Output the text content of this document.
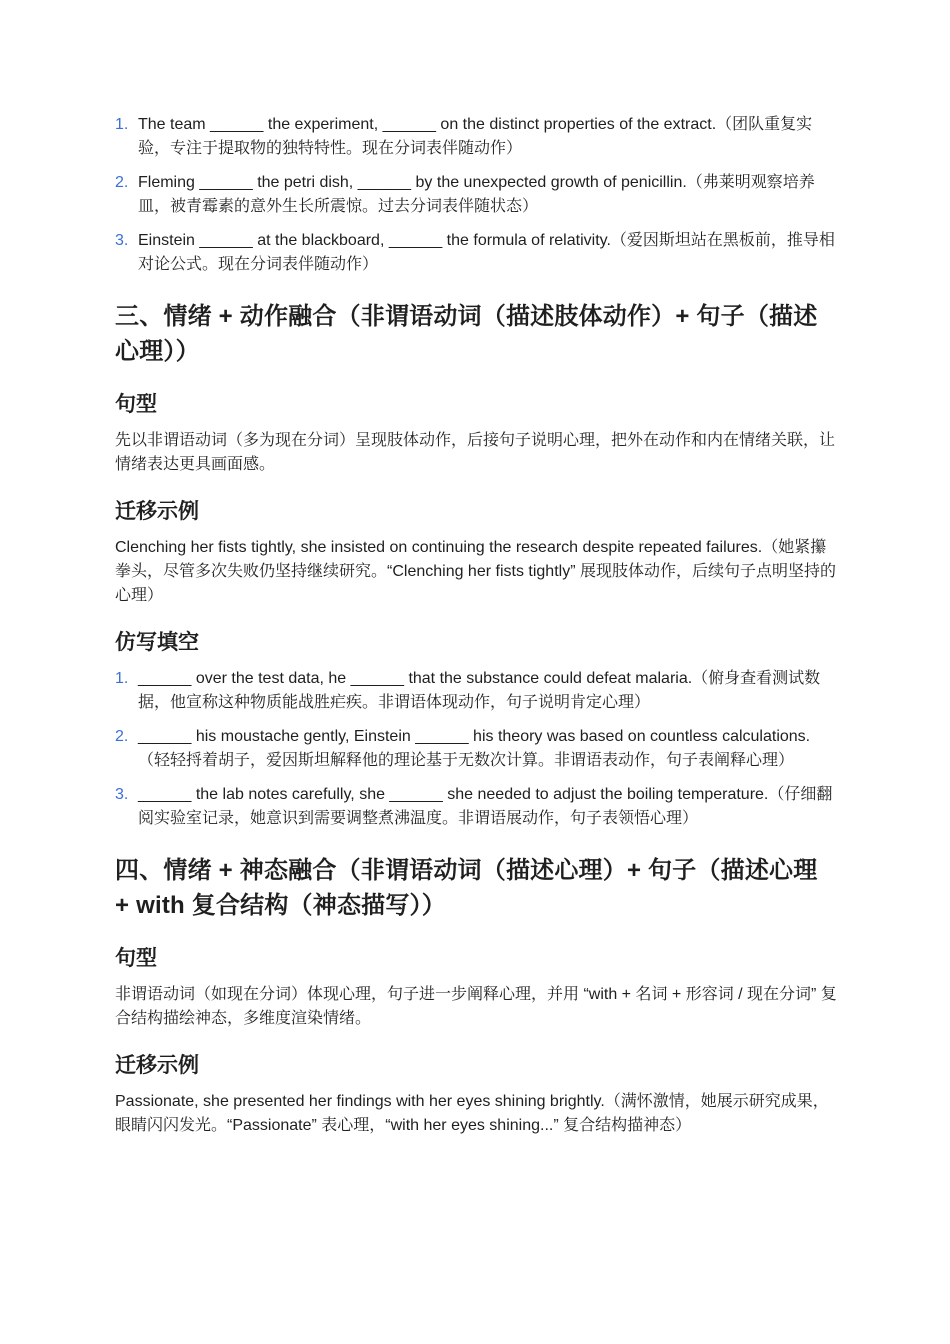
1. The team ______ the experiment, ______ on the distinct properties of the extract.（团队重复实验，专注于提取物的独特特性。现在分词表伴随动作）
2. Fleming ______ the petri dish, ______ by the unexpected growth of penicillin.（弗莱明观察培养皿，被青霉素的意外生长所震惊。过去分词表伴随状态）
3. Einstein ______ at the blackboard, ______ the formula of relativity.（爱因斯坦站在黑板前，推导相对论公式。现在分词表伴随动作）
三、情绪 + 动作融合（非谓语动词（描述肢体动作）+ 句子（描述心理））
句型

先以非谓语动词（多为现在分词）呈现肢体动作，后接句子说明心理，把外在动作和内在情绪关联，让情绪表达更具画面感。

迁移示例

Clenching her fists tightly, she insisted on continuing the research despite repeated failures.（她紧攥拳头，尽管多次失败仍坚持继续研究。“Clenching her fists tightly” 展现肢体动作，后续句子点明坚持的心理）

仿写填空
1. ______ over the test data, he ______ that the substance could defeat malaria.（俯身查看测试数据，他宣称这种物质能战胜疟疾。非谓语体现动作，句子说明肯定心理）
2. ______ his moustache gently, Einstein ______ his theory was based on countless calculations.（轻轻捋着胡子，爱因斯坦解释他的理论基于无数次计算。非谓语表动作，句子表阐释心理）
3. ______ the lab notes carefully, she ______ she needed to adjust the boiling temperature.（仔细翻阅实验室记录，她意识到需要调整煮沸温度。非谓语展动作，句子表领悟心理）
四、情绪 + 神态融合（非谓语动词（描述心理）+ 句子（描述心理 + with 复合结构（神态描写））
句型

非谓语动词（如现在分词）体现心理，句子进一步阐释心理，并用 “with + 名词 + 形容词 / 现在分词” 复合结构描绘神态，多维度渲染情绪。

迁移示例

Passionate, she presented her findings with her eyes shining brightly.（满怀激情，她展示研究成果，眼睛闪闪发光。“Passionate” 表心理，“with her eyes shining...” 复合结构描神态）
